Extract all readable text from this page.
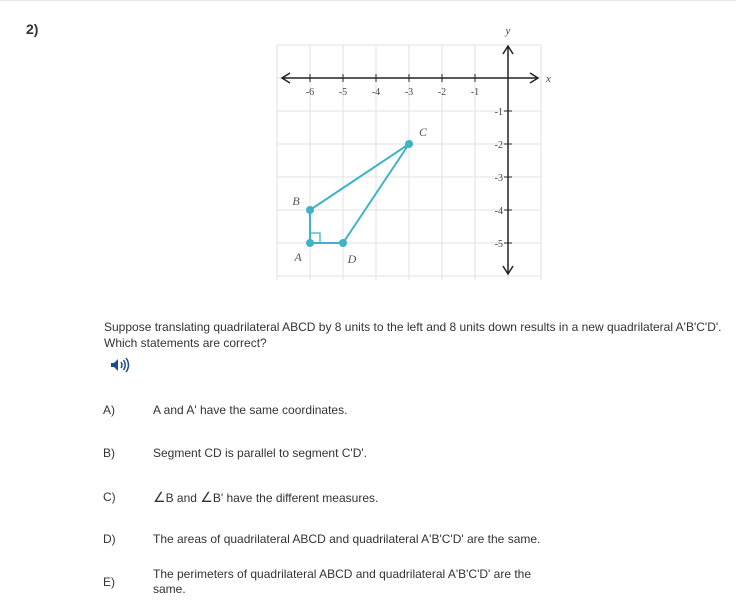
2)
-6 -5 -4 -3 -2 -1
-1
-2
-3
-4
-5
x
y
A
B
C
D
Suppose translating quadrilateral ABCD by 8 units to the left and 8 units down results in a new quadrilateral A'B'C'D'. Which statements are correct?
A)	A and A' have the same coordinates.
B)	Segment CD is parallel to segment C'D'.
C)	∠B and ∠B' have the different measures.
D)	The areas of quadrilateral ABCD and quadrilateral A'B'C'D' are the same.
E)
The perimeters of quadrilateral ABCD and quadrilateral A'B'C'D' are the same.
